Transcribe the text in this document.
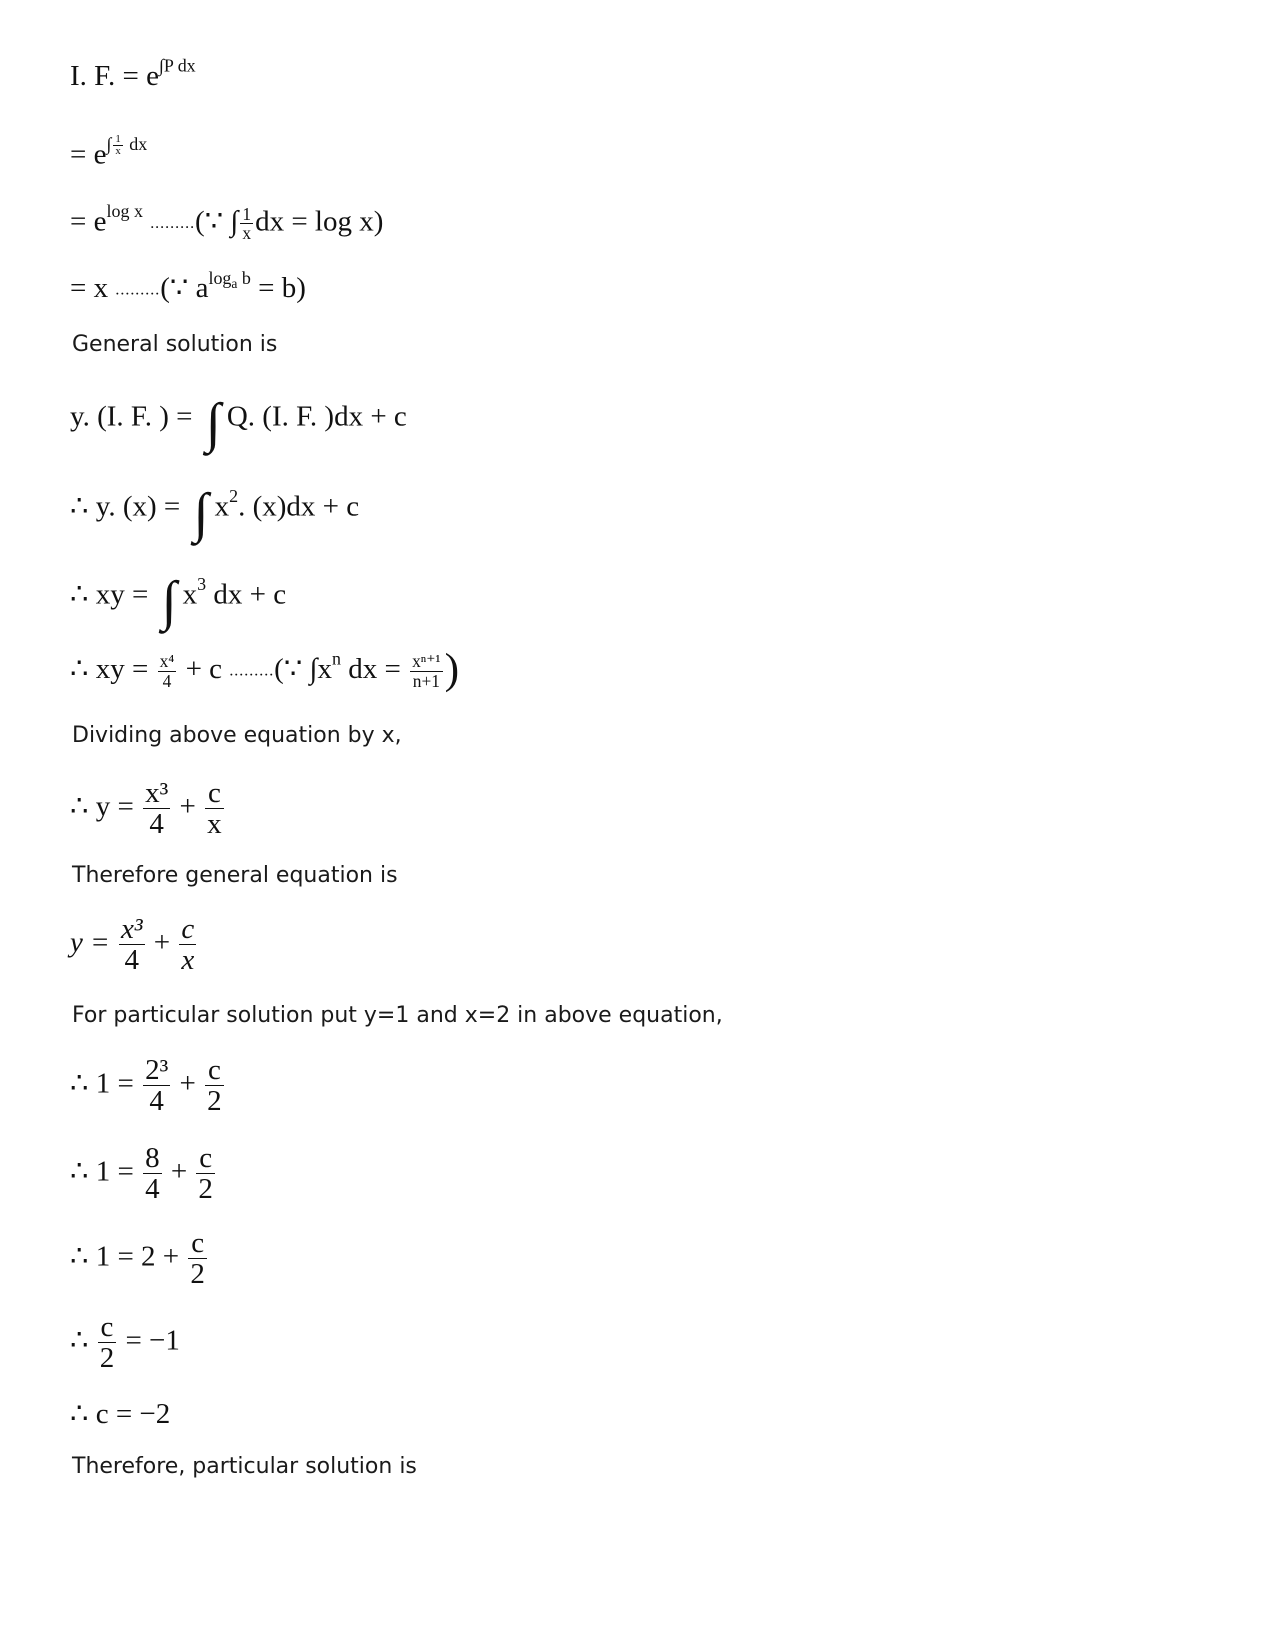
I. F. = $e^{\int P dx}$
= $e^{\int \frac{1}{x} dx}$
= $e^{log x}$ .........(∵ ∫ $\frac{1}{x}$ dx = log x)
= x .........(∵ $a^{log_a b} = b$)
General solution is
y. (I. F. ) = ∫ Q. (I. F. )dx + c
∴ y. (x) = ∫ $x^2$. (x)dx + c
∴ xy = ∫ $x^3$ dx + c
∴ xy = $\frac{\text{x⁴}}{4} + c$ .........(∵ $\int x^n$ dx = $\frac{\text{xⁿ⁺¹}}{n+1}$ )
Dividing above equation by x,
∴ $y = \frac{\text{x³}}{4} + \frac{c}{x}$
Therefore general equation is
$y = \frac{\text{x³}}{4} + \frac{c}{x}$
For particular solution put y=1 and x=2 in above equation,
∴ $1 = \frac{\text{2³}}{4} + \frac{c}{2}$
∴ $1 = \frac{8}{4} + \frac{c}{2}$
∴ $1 = 2 + \frac{c}{2}$
∴ $\frac{c}{2} = -1$
∴ c = −2
Therefore, particular solution is
